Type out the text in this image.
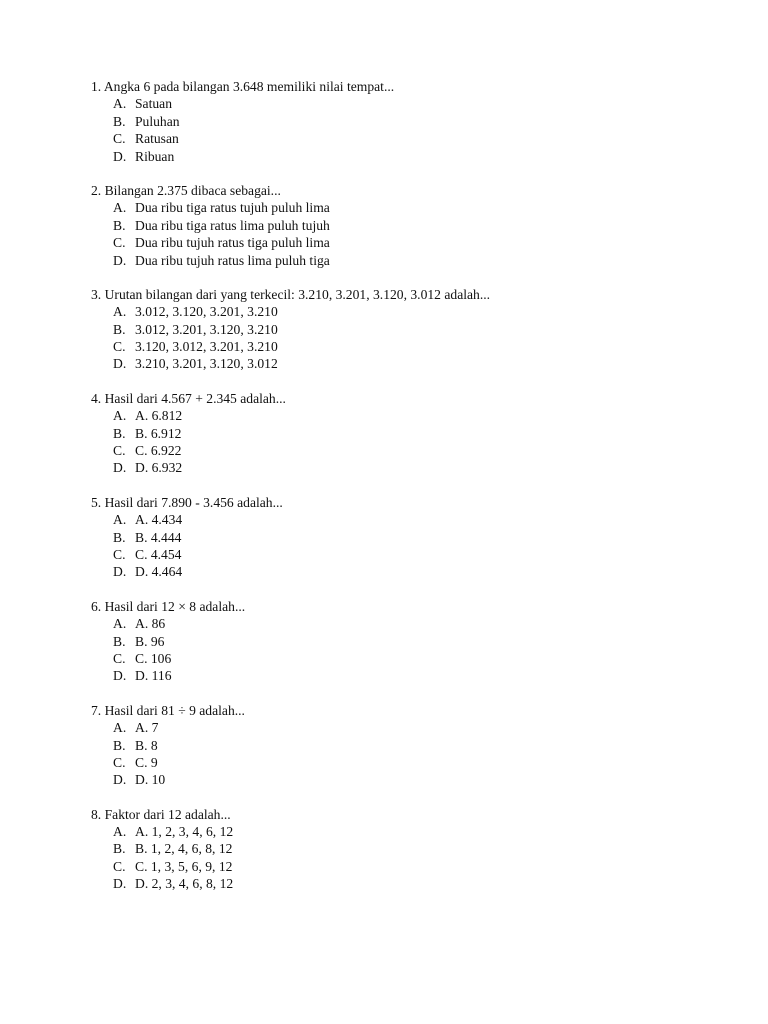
1. Angka 6 pada bilangan 3.648 memiliki nilai tempat...
A. Satuan
B. Puluhan
C. Ratusan
D. Ribuan
2. Bilangan 2.375 dibaca sebagai...
A. Dua ribu tiga ratus tujuh puluh lima
B. Dua ribu tiga ratus lima puluh tujuh
C. Dua ribu tujuh ratus tiga puluh lima
D. Dua ribu tujuh ratus lima puluh tiga
3. Urutan bilangan dari yang terkecil: 3.210, 3.201, 3.120, 3.012 adalah...
A. 3.012, 3.120, 3.201, 3.210
B. 3.012, 3.201, 3.120, 3.210
C. 3.120, 3.012, 3.201, 3.210
D. 3.210, 3.201, 3.120, 3.012
4. Hasil dari 4.567 + 2.345 adalah...
A. A. 6.812
B. B. 6.912
C. C. 6.922
D. D. 6.932
5. Hasil dari 7.890 - 3.456 adalah...
A. A. 4.434
B. B. 4.444
C. C. 4.454
D. D. 4.464
6. Hasil dari 12 × 8 adalah...
A. A. 86
B. B. 96
C. C. 106
D. D. 116
7. Hasil dari 81 ÷ 9 adalah...
A. A. 7
B. B. 8
C. C. 9
D. D. 10
8. Faktor dari 12 adalah...
A. A. 1, 2, 3, 4, 6, 12
B. B. 1, 2, 4, 6, 8, 12
C. C. 1, 3, 5, 6, 9, 12
D. D. 2, 3, 4, 6, 8, 12
